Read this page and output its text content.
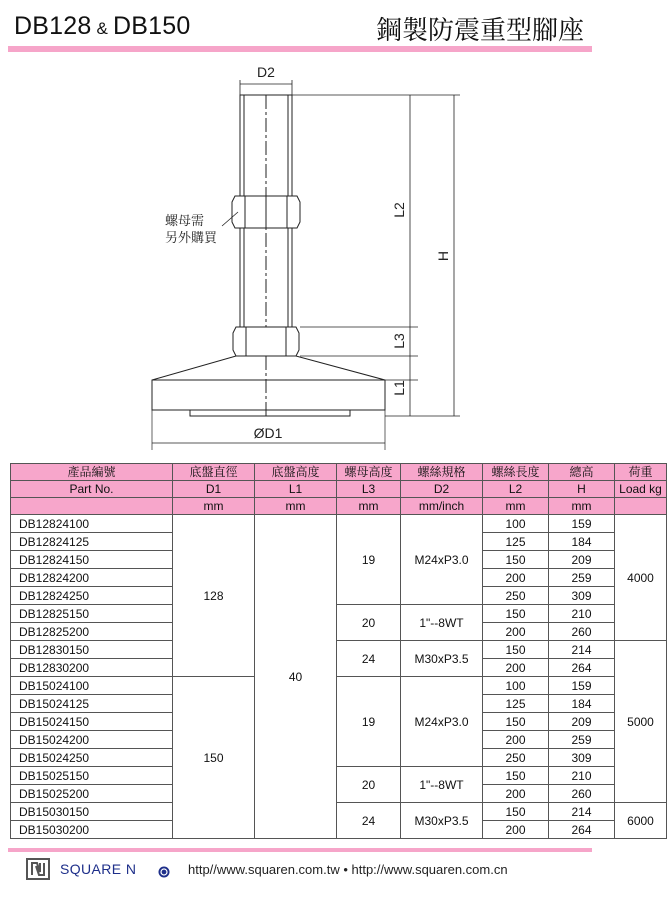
DB128 & DB150	鋼製防震重型腳座
D2
L2
H
L3
L1
ØD1
螺母需
另外購買
產品編號	底盤直徑	底盤高度	螺母高度	螺絲規格	螺絲長度	總高	荷重
Part No.	D1	L1	L3	D2	L2	H	Load kg
	mm	mm	mm	mm/inch	mm	mm	
DB12824100	128	40	19	M24xP3.0	100	159	4000
DB12824125					125	184	
DB12824150					150	209	
DB12824200					200	259	
DB12824250					250	309	
DB12825150			20	1"--8WT	150	210	
DB12825200					200	260	
DB12830150			24	M30xP3.5	150	214	5000
DB12830200					200	264	
DB15024100	150		19	M24xP3.0	100	159	
DB15024125					125	184	
DB15024150					150	209	
DB15024200					200	259	
DB15024250					250	309	
DB15025150			20	1"--8WT	150	210	
DB15025200					200	260	
DB15030150			24	M30xP3.5	150	214	6000
DB15030200					200	264	
SQUARE N	http//www.squaren.com.tw • http://www.squaren.com.cn
